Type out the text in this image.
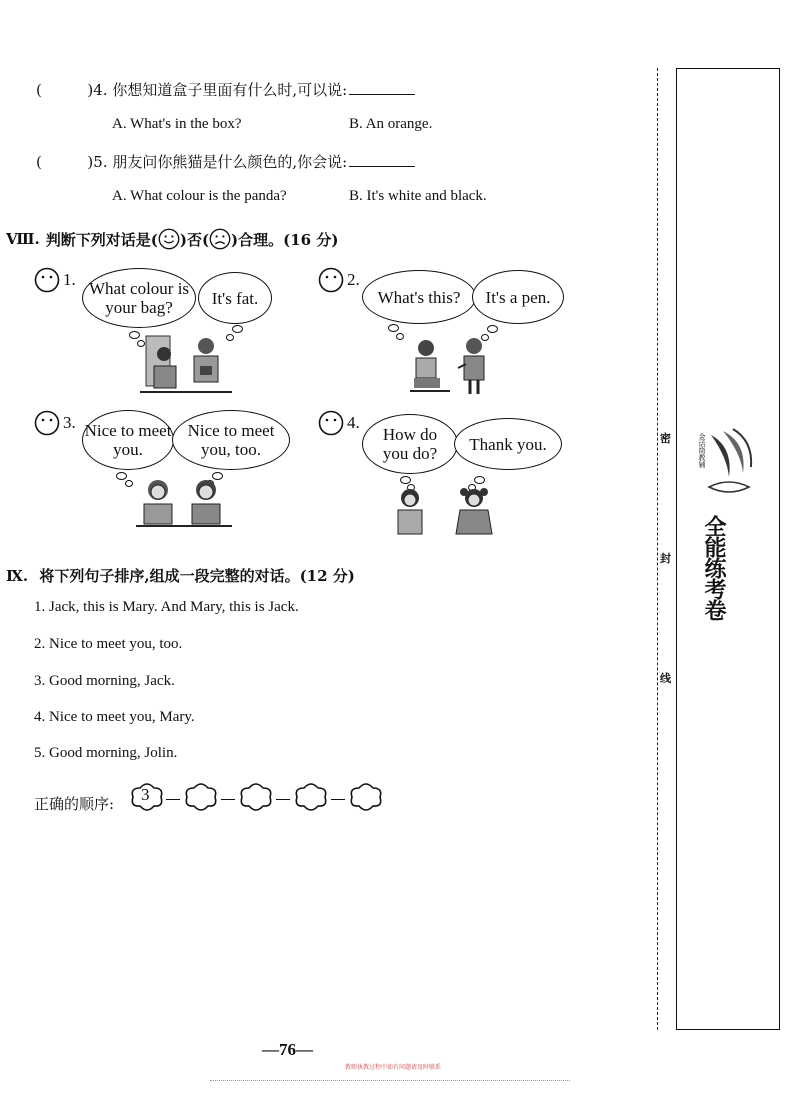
(	)4. 你想知道盒子里面有什么时,可以说:
A. What's in the box?	B. An orange.
(	)5. 朋友问你熊猫是什么颜色的,你会说:
A. What colour is the panda?	B. It's white and black.
Ⅷ. 判断下列对话是( )否( )合理。(16 分)
1. What colour is your bag?	It's fat.
2.
What's this? It's a pen.
3. Nice to meet you.
Nice to meet you, too.
4.
How do you do? Thank you.
Ⅸ. 将下列句子排序,组成一段完整的对话。(12 分)
1. Jack, this is Mary. And Mary, this is Jack.
2. Nice to meet you, too.
3. Good morning, Jack.
4. Nice to meet you, Mary.
5. Good morning, Jolin.
正确的顺序: 3
—76—
教师执教过程中如有问题请及时联系
密
封
线
金话筒教辅
全能练考卷
